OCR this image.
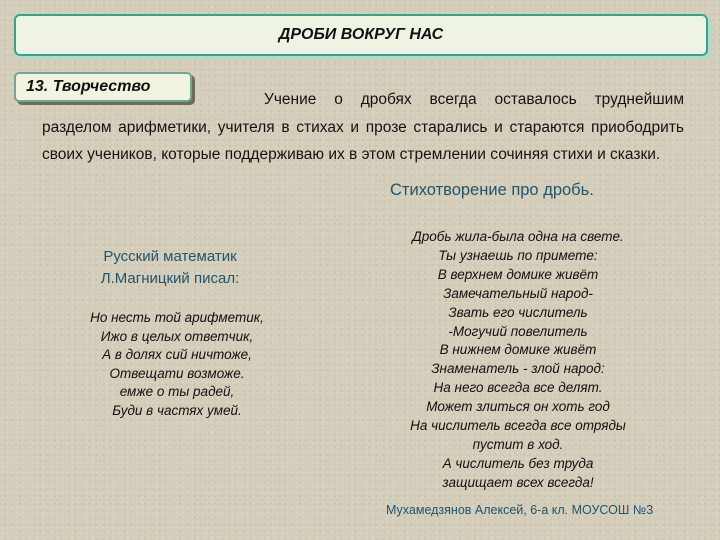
ДРОБИ ВОКРУГ НАС
13. Творчество
Учение о дробях всегда оставалось труднейшим разделом арифметики, учителя в стихах и прозе старались и стараются приободрить своих учеников, которые поддерживаю их в этом стремлении сочиняя стихи и сказки.
Стихотворение про дробь.
Русский математик
Л.Магницкий писал:
Но несть той арифметик,
Ижо в целых ответчик,
А в долях сий ничтоже,
Отвещати возможе.
емже о ты радей,
Буди в частях умей.
Дробь жила-была одна на свете.
Ты узнаешь по примете:
В верхнем домике живёт
Замечательный народ-
Звать его числитель
-Могучий повелитель
В нижнем домике живёт
Знаменатель - злой народ:
На него всегда все делят.
Может злиться он хоть год
На числитель всегда все отряды
пустит в ход.
А числитель без труда
защищает всех всегда!
Мухамедзянов Алексей, 6-а кл. МОУСОШ №3
